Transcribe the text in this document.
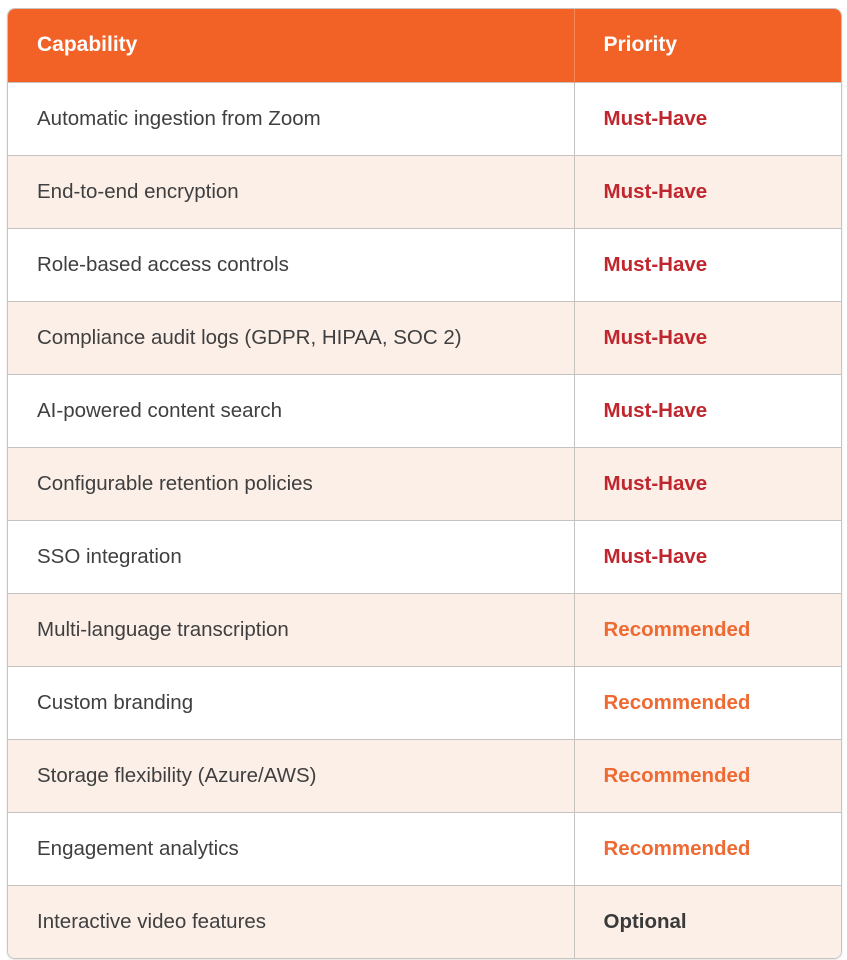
Capability	Priority
Automatic ingestion from Zoom	Must-Have
End-to-end encryption	Must-Have
Role-based access controls	Must-Have
Compliance audit logs (GDPR, HIPAA, SOC 2)	Must-Have
AI-powered content search	Must-Have
Configurable retention policies	Must-Have
SSO integration	Must-Have
Multi-language transcription	Recommended
Custom branding	Recommended
Storage flexibility (Azure/AWS)	Recommended
Engagement analytics	Recommended
Interactive video features	Optional
